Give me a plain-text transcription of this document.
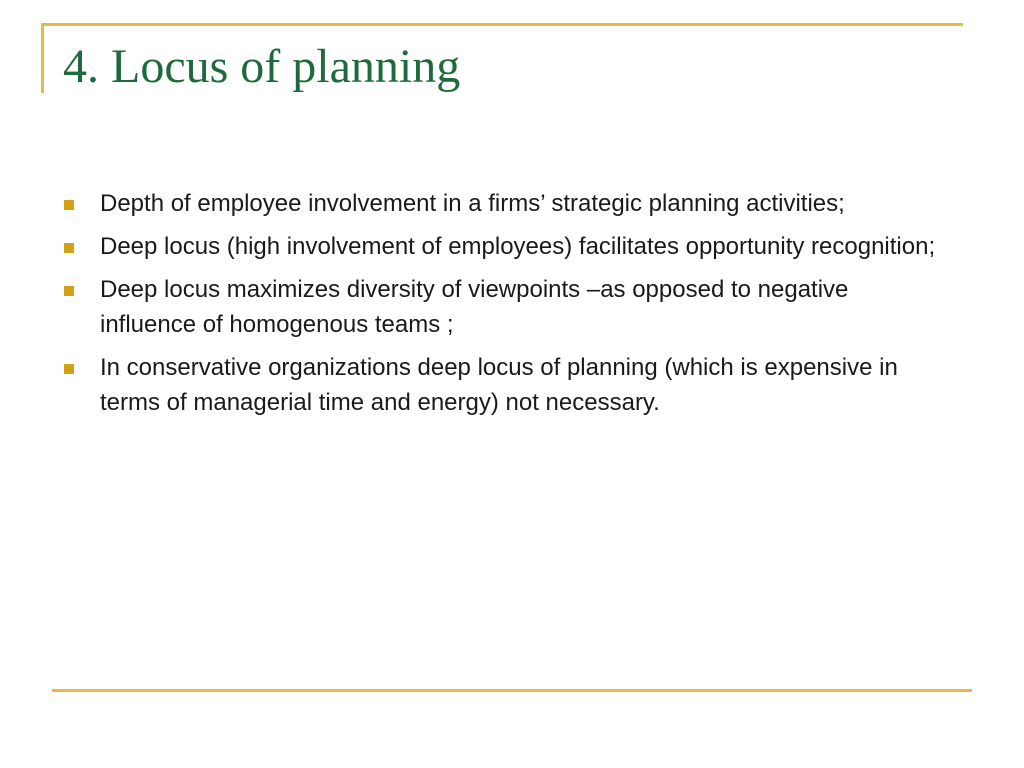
4. Locus of planning
Depth of employee involvement in a firms’ strategic planning activities;
Deep locus (high involvement of employees) facilitates opportunity recognition;
Deep locus maximizes diversity of viewpoints –as opposed to negative influence of homogenous teams ;
In conservative organizations deep locus of planning (which is expensive in terms of managerial time and energy) not necessary.
